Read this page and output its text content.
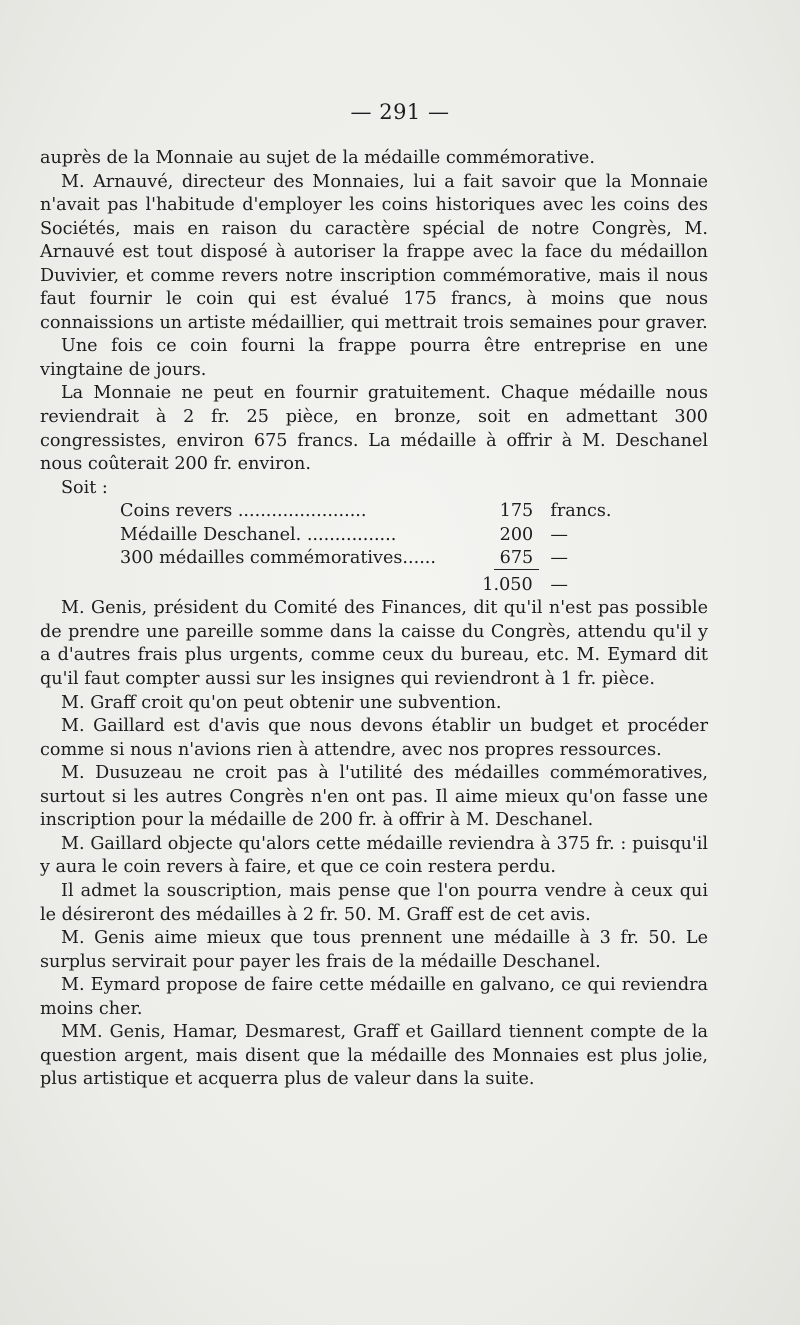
— 291 —

auprès de la Monnaie au sujet de la médaille commémorative.

M. Arnauvé, directeur des Monnaies, lui a fait savoir que la Monnaie n'avait pas l'habitude d'employer les coins historiques avec les coins des Sociétés, mais en raison du caractère spécial de notre Congrès, M. Arnauvé est tout disposé à autoriser la frappe avec la face du médaillon Duvivier, et comme revers notre inscription commémorative, mais il nous faut fournir le coin qui est évalué 175 francs, à moins que nous connaissions un artiste médaillier, qui mettrait trois semaines pour graver.

Une fois ce coin fourni la frappe pourra être entreprise en une vingtaine de jours.

La Monnaie ne peut en fournir gratuitement. Chaque médaille nous reviendrait à 2 fr. 25 pièce, en bronze, soit en admettant 300 congressistes, environ 675 francs. La médaille à offrir à M. Deschanel nous coûterait 200 fr. environ.

Soit :

Coins revers .......................	175 francs.
Médaille Deschanel. ................	200 —
300 médailles commémoratives......	675 —
1.050	—

M. Genis, président du Comité des Finances, dit qu'il n'est pas possible de prendre une pareille somme dans la caisse du Congrès, attendu qu'il y a d'autres frais plus urgents, comme ceux du bureau, etc. M. Eymard dit qu'il faut compter aussi sur les insignes qui reviendront à 1 fr. pièce.

M. Graff croit qu'on peut obtenir une subvention.

M. Gaillard est d'avis que nous devons établir un budget et procéder comme si nous n'avions rien à attendre, avec nos propres ressources.

M. Dusuzeau ne croit pas à l'utilité des médailles commémoratives, surtout si les autres Congrès n'en ont pas. Il aime mieux qu'on fasse une inscription pour la médaille de 200 fr. à offrir à M. Deschanel.

M. Gaillard objecte qu'alors cette médaille reviendra à 375 fr. : puisqu'il y aura le coin revers à faire, et que ce coin restera perdu.

Il admet la souscription, mais pense que l'on pourra vendre à ceux qui le désireront des médailles à 2 fr. 50. M. Graff est de cet avis.

M. Genis aime mieux que tous prennent une médaille à 3 fr. 50. Le surplus servirait pour payer les frais de la médaille Deschanel.

M. Eymard propose de faire cette médaille en galvano, ce qui reviendra moins cher.

MM. Genis, Hamar, Desmarest, Graff et Gaillard tiennent compte de la question argent, mais disent que la médaille des Monnaies est plus jolie, plus artistique et acquerra plus de valeur dans la suite.
